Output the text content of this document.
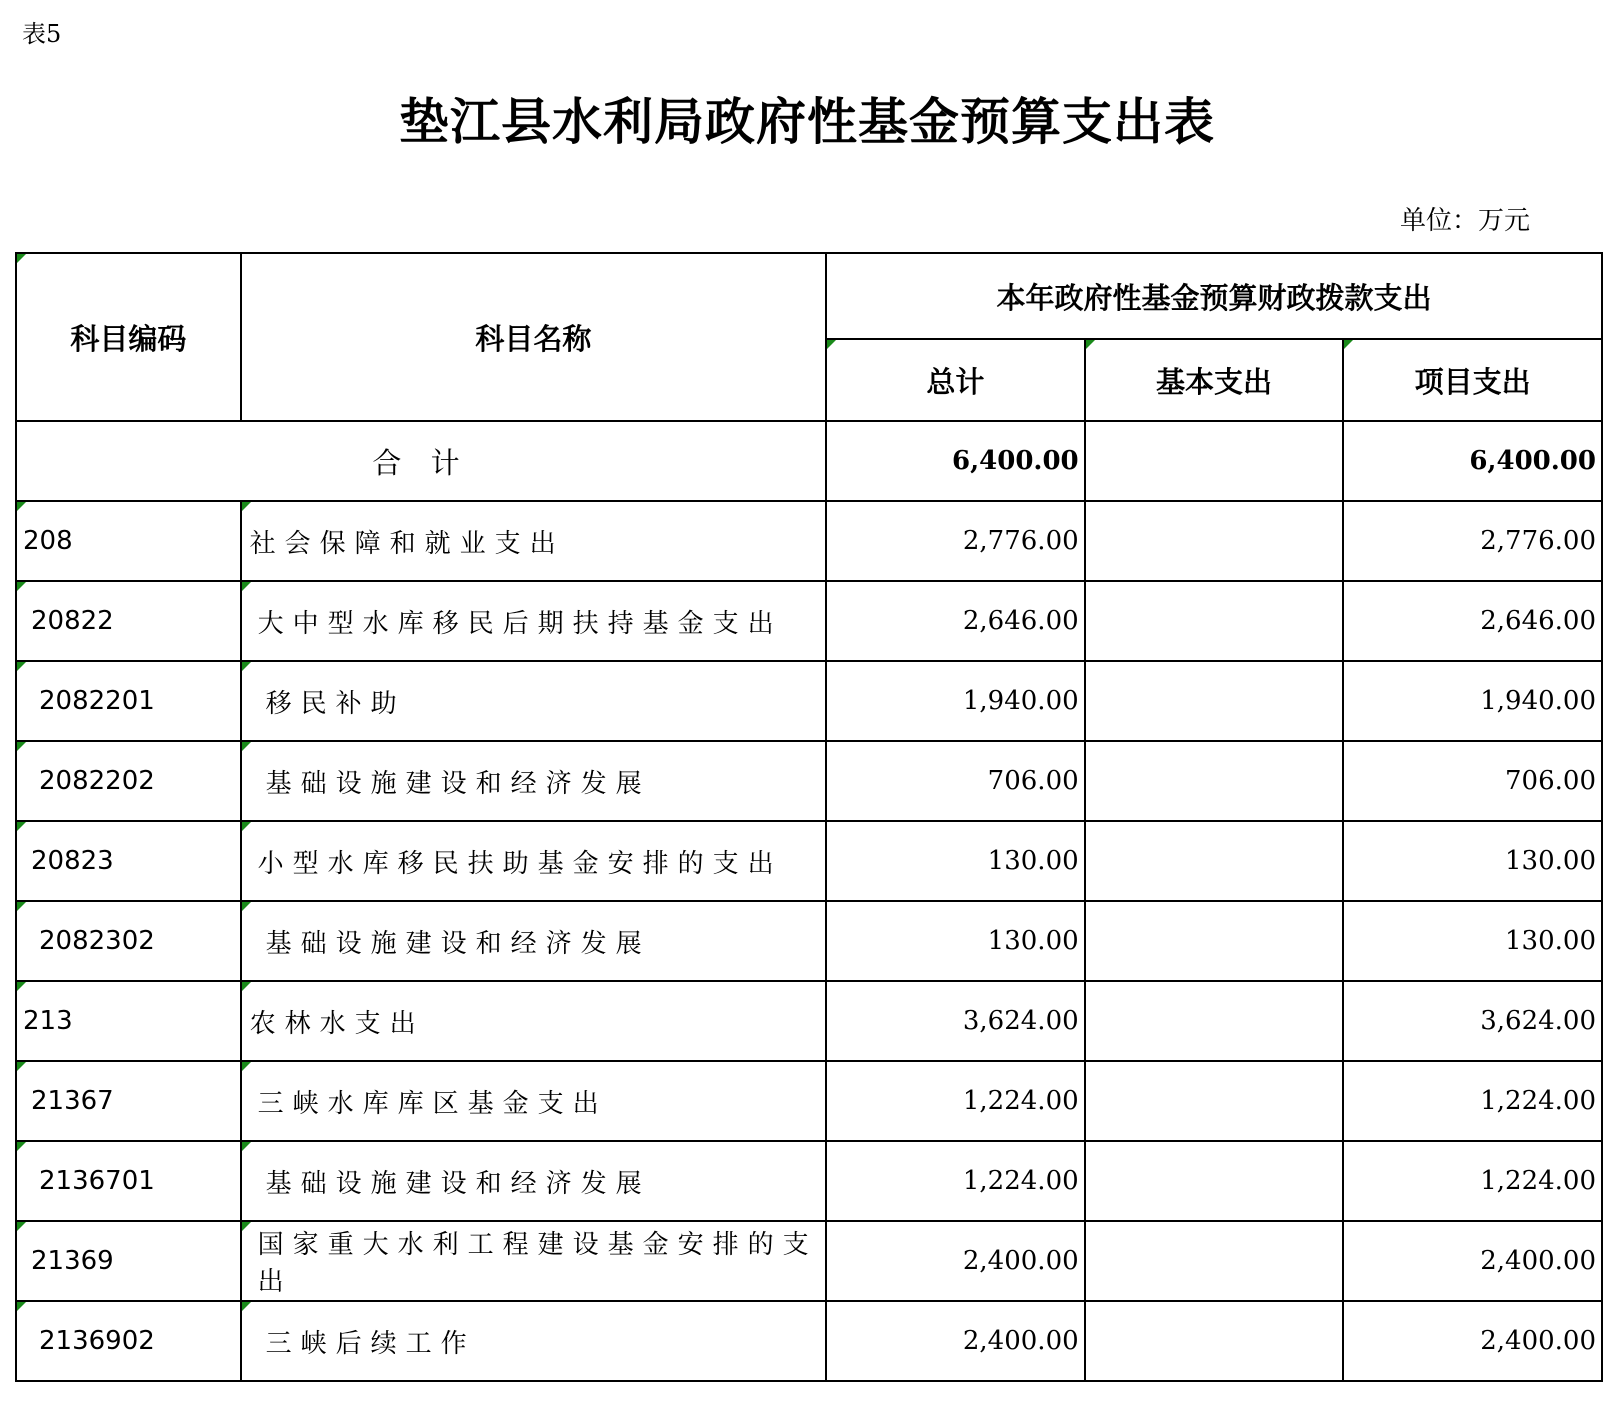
表5
垫江县水利局政府性基金预算支出表
单位：万元
科目编码	科目名称	本年政府性基金预算财政拨款支出		
		总计	基本支出	项目支出
合 计		6,400.00		6,400.00
208	社会保障和就业支出	2,776.00		2,776.00
20822	大中型水库移民后期扶持基金支出	2,646.00		2,646.00
2082201	移民补助	1,940.00		1,940.00
2082202	基础设施建设和经济发展	706.00		706.00
20823	小型水库移民扶助基金安排的支出	130.00		130.00
2082302	基础设施建设和经济发展	130.00		130.00
213	农林水支出	3,624.00		3,624.00
21367	三峡水库库区基金支出	1,224.00		1,224.00
2136701	基础设施建设和经济发展	1,224.00		1,224.00
21369	国家重大水利工程建设基金安排的支出	2,400.00		2,400.00
2136902	三峡后续工作	2,400.00		2,400.00
